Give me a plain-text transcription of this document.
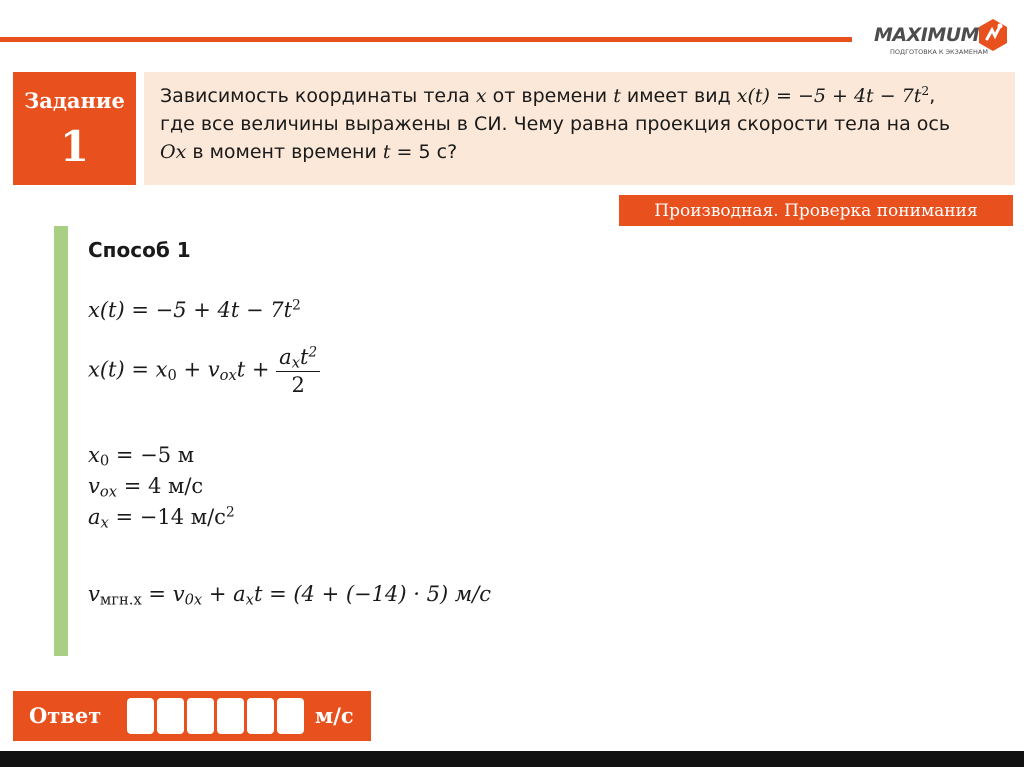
MAXIMUM
ПОДГОТОВКА К ЭКЗАМЕНАМ
Задание
1
Зависимость координаты тела x от времени t имеет вид $x(t) = -5 + 4t - 7t^2$,
где все величины выражены в СИ. Чему равна проекция скорости тела на ось
Ox в момент времени t = 5 с?
Производная. Проверка понимания
Способ 1
$x(t) = -5 + 4t - 7t^2$
$x(t) = x_0 + v_{ox}t + \frac{a_xt^2}{2}$
$x_0 = -5$ м
$v_{ox} = 4$ м/с
$a_x = -14$ $м/с^2$
$v_{мгн.x} = v_{0x} + a_xt = (4 + (-14) \cdot 5)$ м/с
Ответ	м/с
